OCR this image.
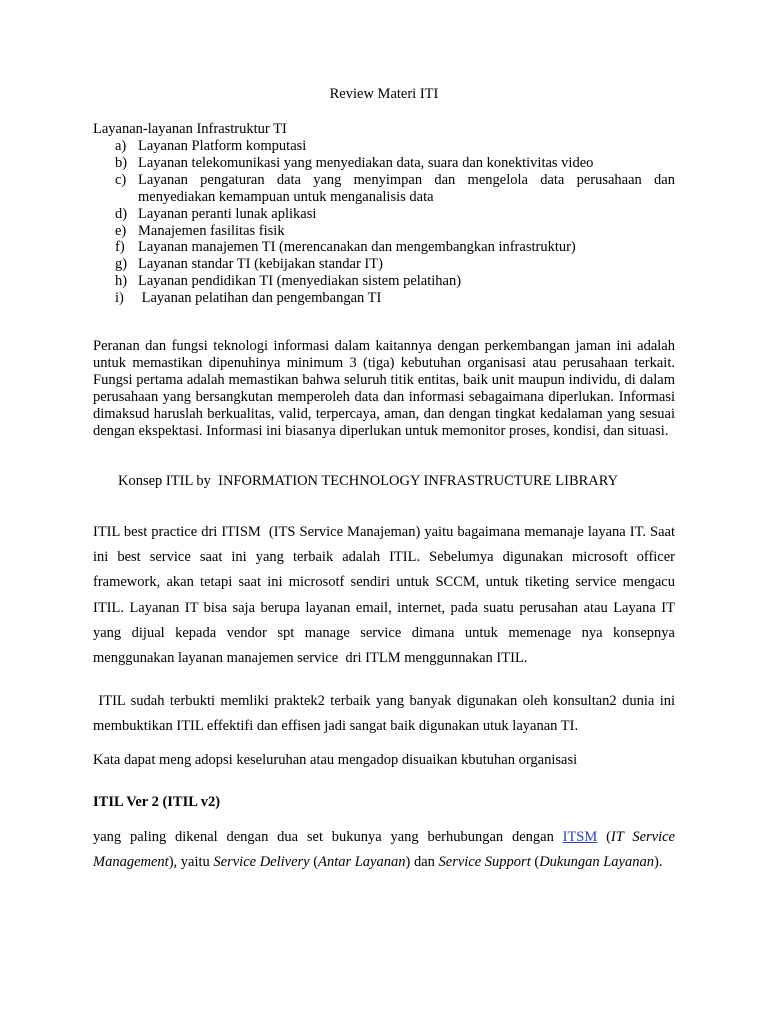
Review Materi ITI
Layanan-layanan Infrastruktur TI
a) Layanan Platform komputasi
b) Layanan telekomunikasi yang menyediakan data, suara dan konektivitas video
c) Layanan pengaturan data yang menyimpan dan mengelola data perusahaan dan menyediakan kemampuan untuk menganalisis data
d) Layanan peranti lunak aplikasi
e) Manajemen fasilitas fisik
f) Layanan manajemen TI (merencanakan dan mengembangkan infrastruktur)
g) Layanan standar TI (kebijakan standar IT)
h) Layanan pendidikan TI (menyediakan sistem pelatihan)
i) Layanan pelatihan dan pengembangan TI

Peranan dan fungsi teknologi informasi dalam kaitannya dengan perkembangan jaman ini adalah untuk memastikan dipenuhinya minimum 3 (tiga) kebutuhan organisasi atau perusahaan terkait. Fungsi pertama adalah memastikan bahwa seluruh titik entitas, baik unit maupun individu, di dalam perusahaan yang bersangkutan memperoleh data dan informasi sebagaimana diperlukan. Informasi dimaksud haruslah berkualitas, valid, terpercaya, aman, dan dengan tingkat kedalaman yang sesuai dengan ekspektasi. Informasi ini biasanya diperlukan untuk memonitor proses, kondisi, dan situasi.

Konsep ITIL by  INFORMATION TECHNOLOGY INFRASTRUCTURE LIBRARY

ITIL best practice dri ITISM  (ITS Service Manajeman) yaitu bagaimana memanaje layana IT. Saat ini best service saat ini yang terbaik adalah ITIL. Sebelumya digunakan microsoft officer framework, akan tetapi saat ini microsotf sendiri untuk SCCM, untuk tiketing service mengacu ITIL. Layanan IT bisa saja berupa layanan email, internet, pada suatu perusahan atau Layana IT yang dijual kepada vendor spt manage service dimana untuk memenage nya konsepnya menggunakan layanan manajemen service  dri ITLM menggunnakan ITIL.

ITIL sudah terbukti memliki praktek2 terbaik yang banyak digunakan oleh konsultan2 dunia ini membuktikan ITIL effektifi dan effisen jadi sangat baik digunakan utuk layanan TI.

Kata dapat meng adopsi keseluruhan atau mengadop disuaikan kbutuhan organisasi

ITIL Ver 2 (ITIL v2)

yang paling dikenal dengan dua set bukunya yang berhubungan dengan ITSM (IT Service Management), yaitu Service Delivery (Antar Layanan) dan Service Support (Dukungan Layanan).
